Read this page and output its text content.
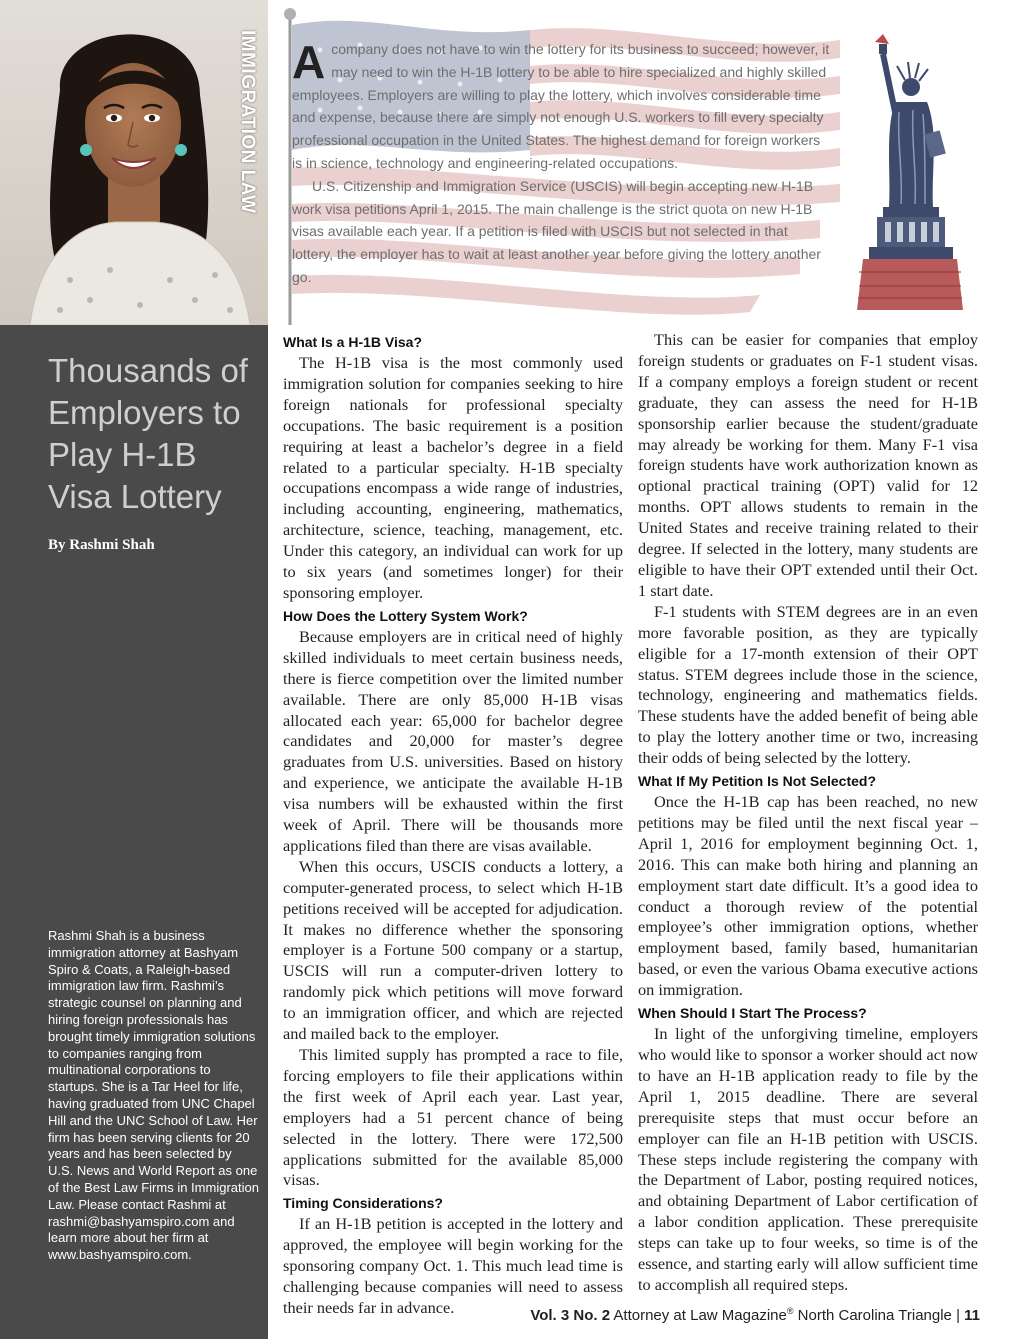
IMMIGRATION LAW
Thousands of Employers to Play H-1B Visa Lottery
By Rashmi Shah

Rashmi Shah is a business immigration attorney at Bashyam Spiro & Coats, a Raleigh-based immigration law firm. Rashmi’s strategic counsel on planning and hiring foreign professionals has brought timely immigration solutions to companies ranging from multinational corporations to startups. She is a Tar Heel for life, having graduated from UNC Chapel Hill and the UNC School of Law. Her firm has been serving clients for 20 years and has been selected by U.S. News and World Report as one of the Best Law Firms in Immigration Law. Please contact Rashmi at rashmi@bashyamspiro.com and learn more about her firm at www.bashyamspiro.com.

Acompany does not have to win the lottery for its business to succeed; however, it may need to win the H-1B lottery to be able to hire specialized and highly skilled employees. Employers are willing to play the lottery, which involves considerable time and expense, because there are simply not enough U.S. workers to fill every specialty professional occupation in the United States. The highest demand for foreign workers is in science, technology and engineering-related occupations.

U.S. Citizenship and Immigration Service (USCIS) will begin accepting new H-1B work visa petitions April 1, 2015. The main challenge is the strict quota on new H-1B visas available each year. If a petition is filed with USCIS but not selected in that lottery, the employer has to wait at least another year before giving the lottery another go.

What Is a H-1B Visa?

The H-1B visa is the most commonly used immigration solution for companies seeking to hire foreign nationals for professional specialty occupations. The basic requirement is a position requiring at least a bachelor’s degree in a field related to a particular specialty. H-1B specialty occupations encompass a wide range of industries, including accounting, engineering, mathematics, architecture, science, teaching, management, etc. Under this category, an individual can work for up to six years (and sometimes longer) for their sponsoring employer.

How Does the Lottery System Work?

Because employers are in critical need of highly skilled individuals to meet certain business needs, there is fierce competition over the limited number available. There are only 85,000 H-1B visas allocated each year: 65,000 for bachelor degree candidates and 20,000 for master’s degree graduates from U.S. universities. Based on history and experience, we anticipate the available H-1B visa numbers will be exhausted within the first week of April. There will be thousands more applications filed than there are visas available.

When this occurs, USCIS conducts a lottery, a computer-generated process, to select which H-1B petitions received will be accepted for adjudication. It makes no difference whether the sponsoring employer is a Fortune 500 company or a startup, USCIS will run a computer-driven lottery to randomly pick which petitions will move forward to an immigration officer, and which are rejected and mailed back to the employer.

This limited supply has prompted a race to file, forcing employers to file their applications within the first week of April each year. Last year, employers had a 51 percent chance of being selected in the lottery. There were 172,500 applications submitted for the available 85,000 visas.

Timing Considerations?

If an H-1B petition is accepted in the lottery and approved, the employee will begin working for the sponsoring company Oct. 1. This much lead time is challenging because companies will need to assess their needs far in advance.

This can be easier for companies that employ foreign students or graduates on F-1 student visas. If a company employs a foreign student or recent graduate, they can assess the need for H-1B sponsorship earlier because the student/graduate may already be working for them. Many F-1 visa foreign students have work authorization known as optional practical training (OPT) valid for 12 months. OPT allows students to remain in the United States and receive training related to their degree. If selected in the lottery, many students are eligible to have their OPT extended until their Oct. 1 start date.

F-1 students with STEM degrees are in an even more favorable position, as they are typically eligible for a 17-month extension of their OPT status. STEM degrees include those in the science, technology, engineering and mathematics fields. These students have the added benefit of being able to play the lottery another time or two, increasing their odds of being selected by the lottery.

What If My Petition Is Not Selected?

Once the H-1B cap has been reached, no new petitions may be filed until the next fiscal year – April 1, 2016 for employment beginning Oct. 1, 2016. This can make both hiring and planning an employment start date difficult. It’s a good idea to conduct a thorough review of the potential employee’s other immigration options, whether employment based, family based, humanitarian based, or even the various Obama executive actions on immigration.

When Should I Start The Process?

In light of the unforgiving timeline, employers who would like to sponsor a worker should act now to have an H-1B application ready to file by the April 1, 2015 deadline. There are several prerequisite steps that must occur before an employer can file an H-1B petition with USCIS. These steps include registering the company with the Department of Labor, posting required notices, and obtaining Department of Labor certification of a labor condition application. These prerequisite steps can take up to four weeks, so time is of the essence, and starting early will allow sufficient time to accomplish all required steps.

Vol. 3 No. 2 Attorney at Law Magazine® North Carolina Triangle | 11
